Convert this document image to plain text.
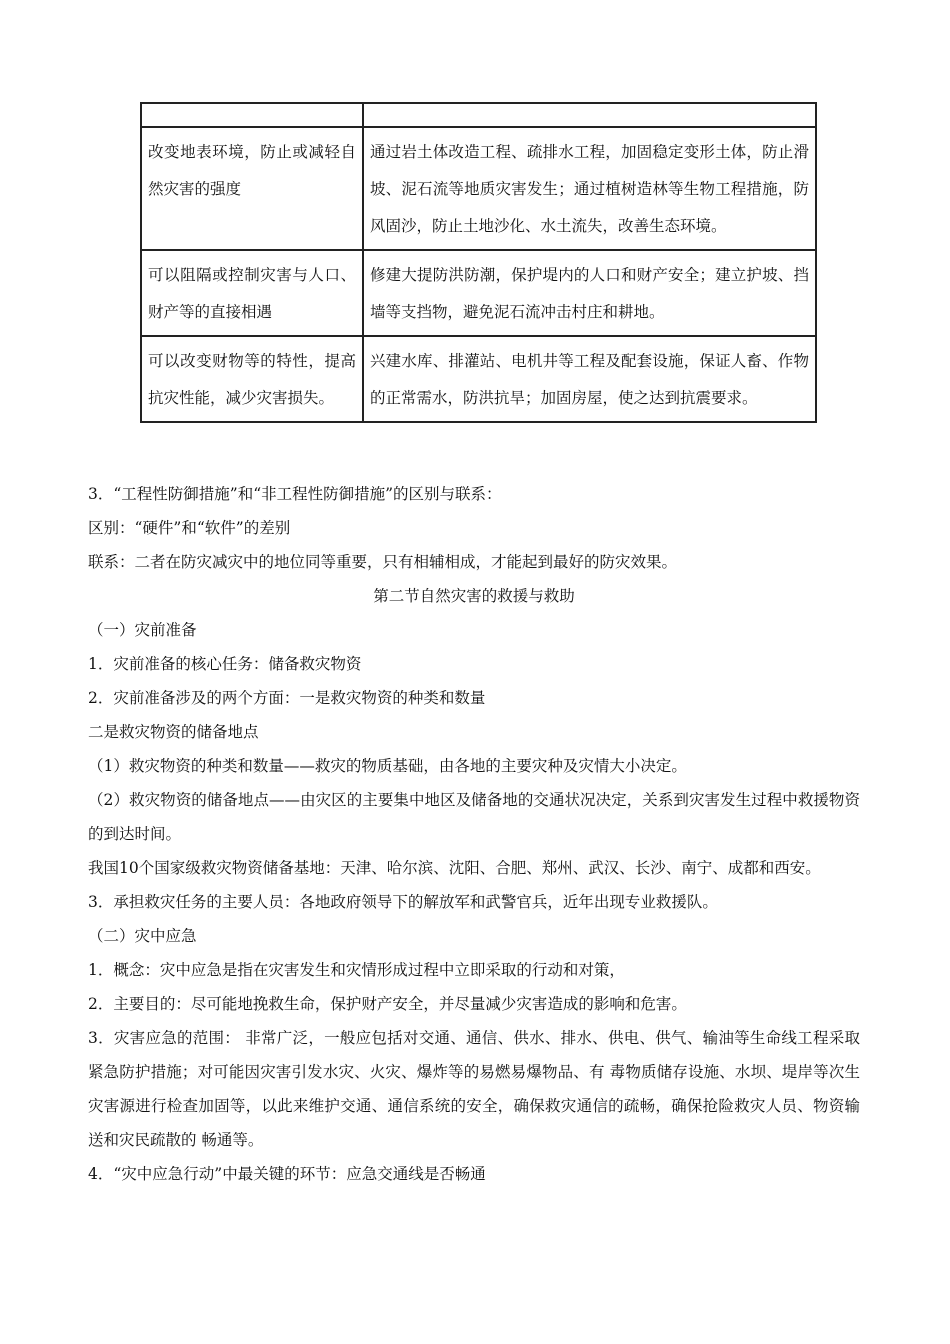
改变地表环境，防止或减轻自然灾害的强度	通过岩土体改造工程、疏排水工程，加固稳定变形土体，防止滑坡、泥石流等地质灾害发生；通过植树造林等生物工程措施，防风固沙，防止土地沙化、水土流失，改善生态环境。

可以阻隔或控制灾害与人口、财产等的直接相遇	修建大提防洪防潮，保护堤内的人口和财产安全；建立护坡、挡墙等支挡物，避免泥石流冲击村庄和耕地。

可以改变财物等的特性，提高抗灾性能，减少灾害损失。	兴建水库、排灌站、电机井等工程及配套设施，保证人畜、作物的正常需水，防洪抗旱；加固房屋，使之达到抗震要求。

3．“工程性防御措施”和“非工程性防御措施”的区别与联系：

区别：“硬件”和“软件”的差别

联系：二者在防灾减灾中的地位同等重要，只有相辅相成，才能起到最好的防灾效果。

第二节自然灾害的救援与救助

（一）灾前准备

1．灾前准备的核心任务：储备救灾物资

2．灾前准备涉及的两个方面：一是救灾物资的种类和数量

二是救灾物资的储备地点

（1）救灾物资的种类和数量——救灾的物质基础，由各地的主要灾种及灾情大小决定。

（2）救灾物资的储备地点——由灾区的主要集中地区及储备地的交通状况决定，关系到灾害发生过程中救援物资的到达时间。

我国10个国家级救灾物资储备基地：天津、哈尔滨、沈阳、合肥、郑州、武汉、长沙、南宁、成都和西安。

3．承担救灾任务的主要人员：各地政府领导下的解放军和武警官兵，近年出现专业救援队。

（二）灾中应急

1．概念：灾中应急是指在灾害发生和灾情形成过程中立即采取的行动和对策，

2．主要目的：尽可能地挽救生命，保护财产安全，并尽量减少灾害造成的影响和危害。

3．灾害应急的范围： 非常广泛，一般应包括对交通、通信、供水、排水、供电、供气、输油等生命线工程采取紧急防护措施；对可能因灾害引发水灾、火灾、爆炸等的易燃易爆物品、有 毒物质储存设施、水坝、堤岸等次生灾害源进行检查加固等，以此来维护交通、通信系统的安全，确保救灾通信的疏畅，确保抢险救灾人员、物资输送和灾民疏散的 畅通等。

4．“灾中应急行动”中最关键的环节：应急交通线是否畅通
